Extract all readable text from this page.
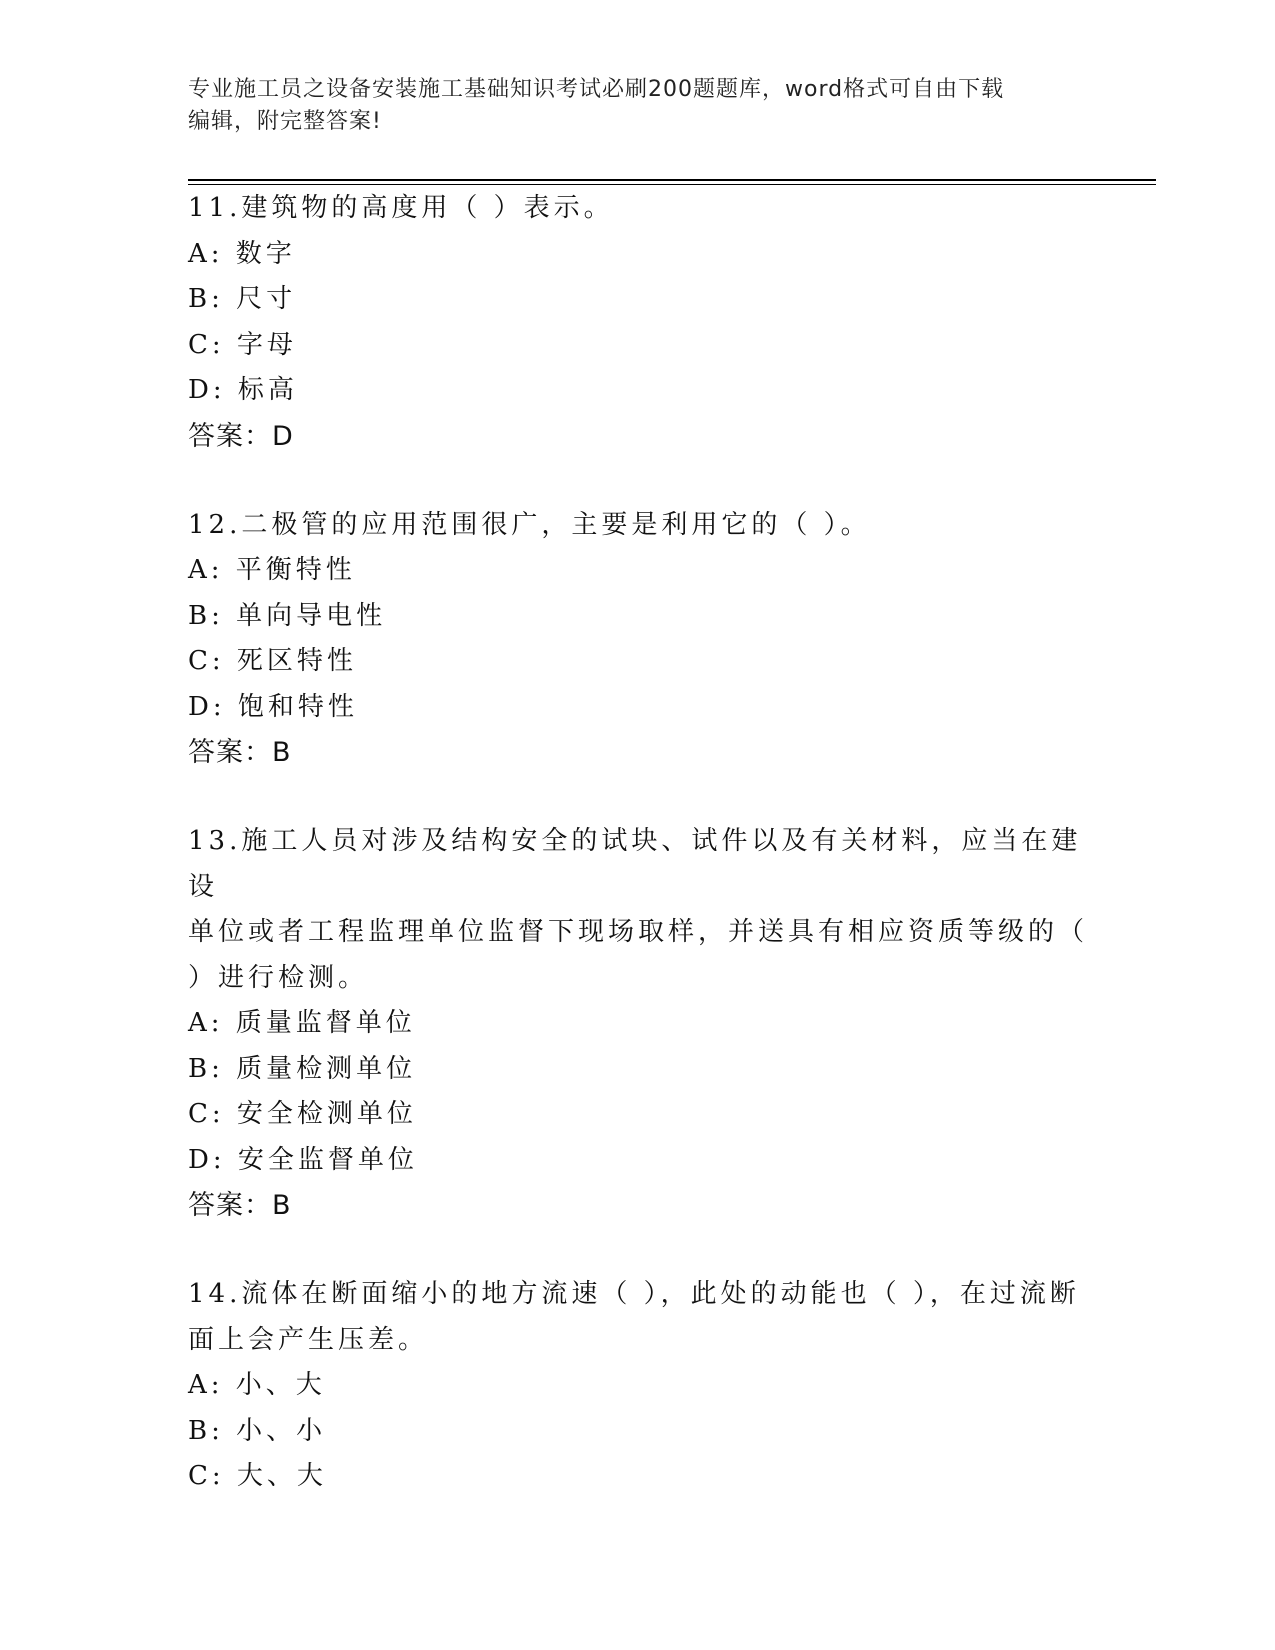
专业施工员之设备安装施工基础知识考试必刷200题题库，word格式可自由下载
编辑，附完整答案!
11.建筑物的高度用（ ）表示。
A: 数字
B: 尺寸
C: 字母
D: 标高
答案：D
12.二极管的应用范围很广，主要是利用它的（ ）。
A: 平衡特性
B: 单向导电性
C: 死区特性
D: 饱和特性
答案：B
13.施工人员对涉及结构安全的试块、试件以及有关材料，应当在建设
单位或者工程监理单位监督下现场取样，并送具有相应资质等级的（
）进行检测。
A: 质量监督单位
B: 质量检测单位
C: 安全检测单位
D: 安全监督单位
答案：B
14.流体在断面缩小的地方流速（ ），此处的动能也（ ），在过流断
面上会产生压差。
A: 小、大
B: 小、小
C: 大、大
